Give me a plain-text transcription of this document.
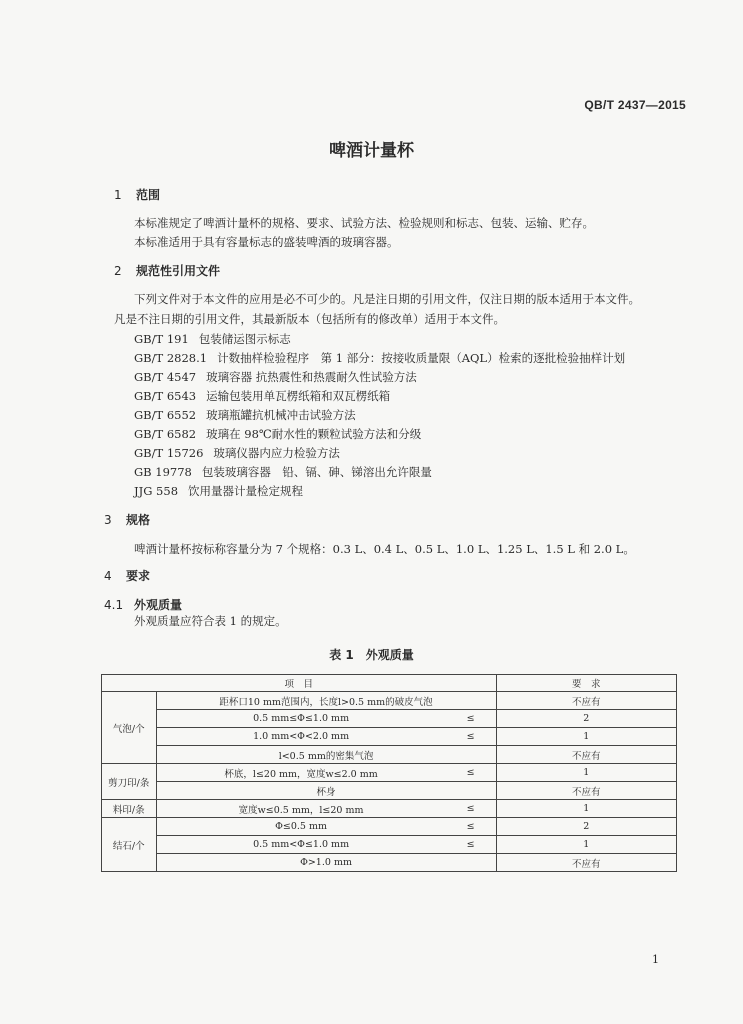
QB/T 2437—2015
啤酒计量杯
1 范围
本标准规定了啤酒计量杯的规格、要求、试验方法、检验规则和标志、包装、运输、贮存。
本标准适用于具有容量标志的盛装啤酒的玻璃容器。
2 规范性引用文件
下列文件对于本文件的应用是必不可少的。凡是注日期的引用文件，仅注日期的版本适用于本文件。
凡是不注日期的引用文件，其最新版本（包括所有的修改单）适用于本文件。
GB/T 191 包装储运图示标志
GB/T 2828.1 计数抽样检验程序　第 1 部分：按接收质量限（AQL）检索的逐批检验抽样计划
GB/T 4547 玻璃容器 抗热震性和热震耐久性试验方法
GB/T 6543 运输包装用单瓦楞纸箱和双瓦楞纸箱
GB/T 6552 玻璃瓶罐抗机械冲击试验方法
GB/T 6582 玻璃在 98℃耐水性的颗粒试验方法和分级
GB/T 15726 玻璃仪器内应力检验方法
GB 19778 包装玻璃容器　铅、镉、砷、锑溶出允许限量
JJG 558 饮用量器计量检定规程
3 规格
啤酒计量杯按标称容量分为 7 个规格：0.3 L、0.4 L、0.5 L、1.0 L、1.25 L、1.5 L 和 2.0 L。
4 要求
4.1 外观质量
外观质量应符合表 1 的规定。
表 1　外观质量
项　目			要　求
气泡/个	距杯口10 mm范围内，长度l>0.5 mm的破皮气泡		不应有
	0.5 mm≤Φ≤1.0 mm	≤	2
	1.0 mm<Φ<2.0 mm	≤	1
	l<0.5 mm的密集气泡		不应有
剪刀印/条	杯底，l≤20 mm，宽度w≤2.0 mm	≤	1
	杯身		不应有
料印/条	宽度w≤0.5 mm，l≤20 mm	≤	1
结石/个	Φ≤0.5 mm	≤	2
	0.5 mm<Φ≤1.0 mm	≤	1
	Φ>1.0 mm		不应有
1
